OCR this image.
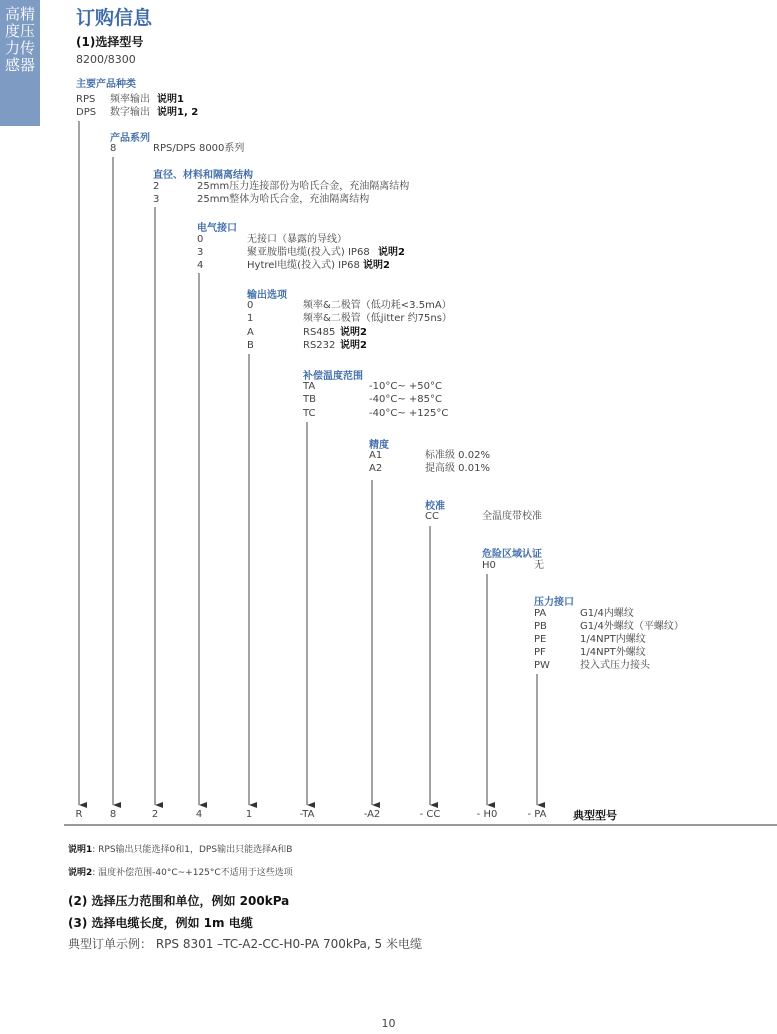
高精度压力传感器
订购信息
(1)选择型号
8200/8300
主要产品种类
RPS 频率输出 说明1
DPS 数字输出 说明1, 2
产品系列
8	RPS/DPS 8000系列
直径、材料和隔离结构
2	25mm压力连接部份为哈氏合金，充油隔离结构
3	25mm整体为哈氏合金，充油隔离结构
电气接口
0	无接口（暴露的导线）
3	聚亚胺脂电缆(投入式) IP68 说明2
4	Hytrel电缆(投入式) IP68 说明2
输出选项
0	频率&二极管（低功耗<3.5mA）
1	频率&二极管（低jitter 约75ns）
A	RS485 说明2
B	RS232 说明2
补偿温度范围
TA	-10°C~ +50°C
TB	-40°C~ +85°C
TC	-40°C~ +125°C
精度
A1	标准级 0.02%
A2	提高级 0.01%
校准
CC	全温度带校准
危险区域认证
H0	无
压力接口
PA	G1/4内螺纹
PB	G1/4外螺纹（平螺纹）
PE	1/4NPT内螺纹
PF	1/4NPT外螺纹
PW	投入式压力接头
R	8	2	4	1	-TA	-A2	- CC	- H0	- PA	典型型号
说明1: RPS输出只能选择0和1，DPS输出只能选择A和B
说明2: 温度补偿范围-40°C~+125°C不适用于这些选项
(2) 选择压力范围和单位，例如 200kPa
(3) 选择电缆长度，例如 1m 电缆
典型订单示例： RPS 8301 –TC-A2-CC-H0-PA 700kPa, 5 米电缆
10
